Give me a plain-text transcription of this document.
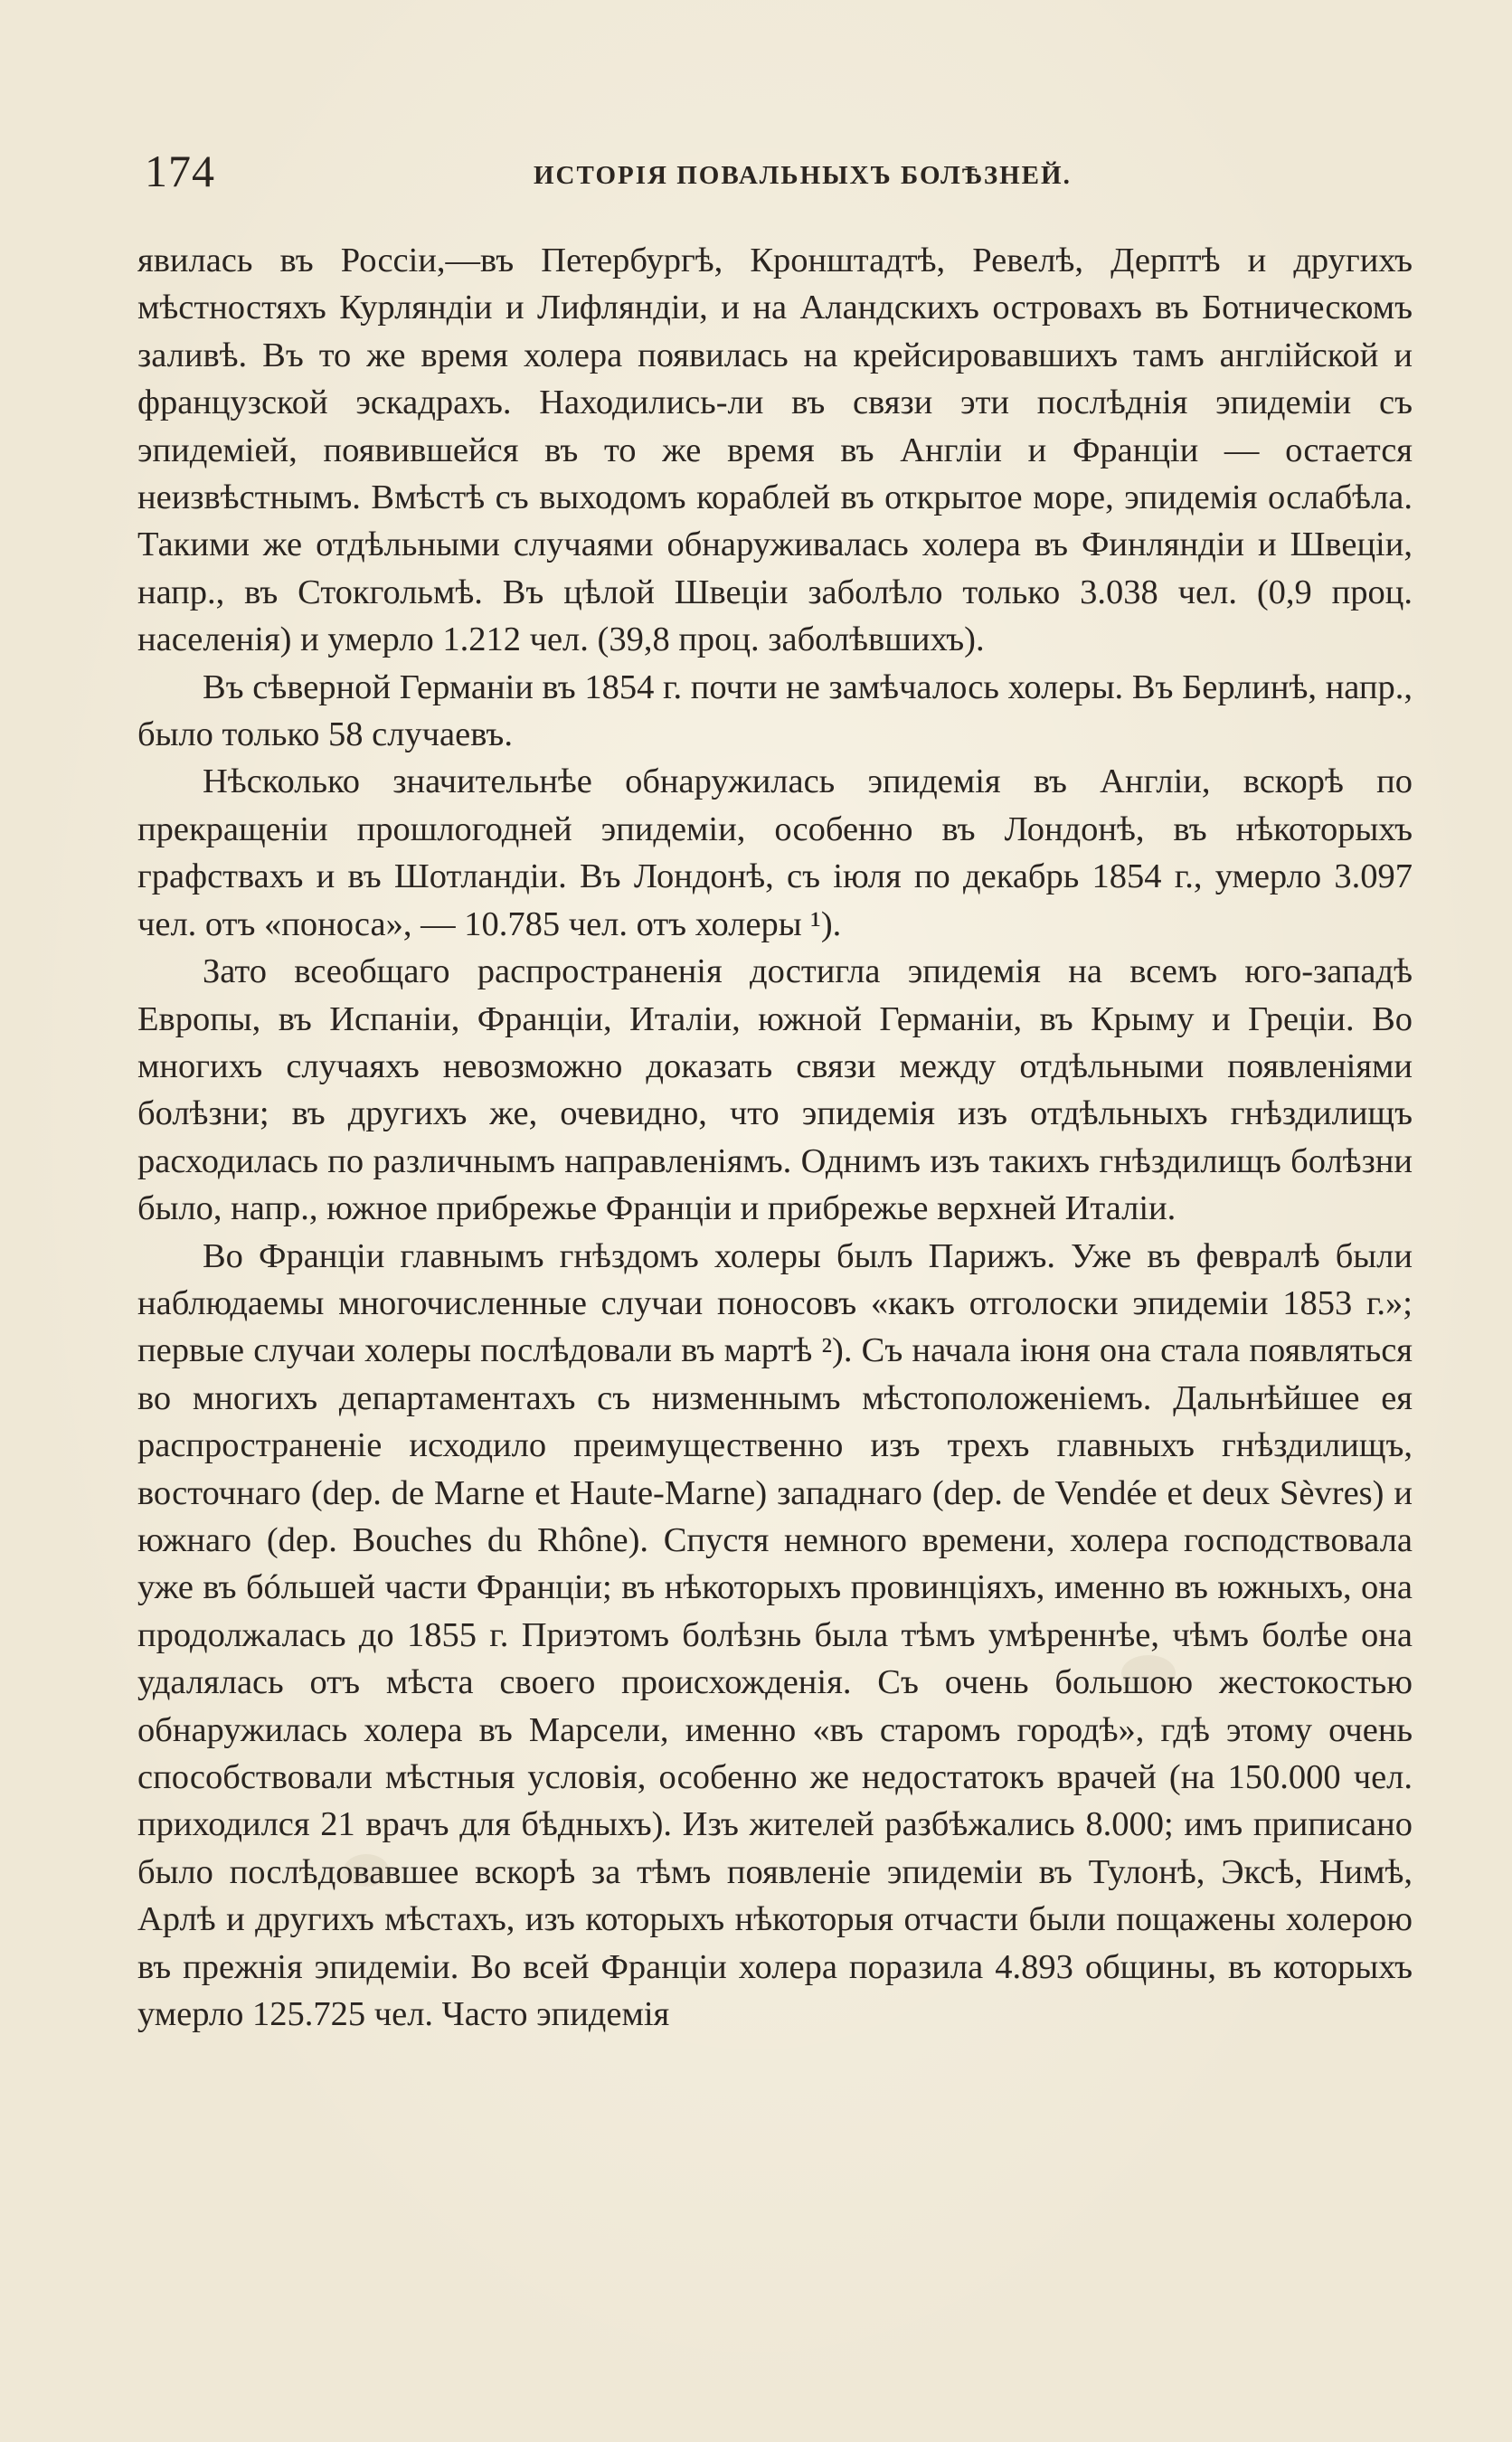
174	ИСТОРІЯ ПОВАЛЬНЫХЪ БОЛѢЗНЕЙ.

явилась въ Россіи,—въ Петербургѣ, Кронштадтѣ, Ревелѣ, Дерптѣ и другихъ мѣстностяхъ Курляндіи и Лифляндіи, и на Аландскихъ островахъ въ Ботническомъ заливѣ. Въ то же время холера появилась на крейсировавшихъ тамъ англійской и французской эскадрахъ. Находились-ли въ связи эти послѣднія эпидеміи съ эпидеміей, появившейся въ то же время въ Англіи и Франціи — остается неизвѣстнымъ. Вмѣстѣ съ выходомъ кораблей въ открытое море, эпидемія ослабѣла. Такими же отдѣльными случаями обнаруживалась холера въ Финляндіи и Швеціи, напр., въ Стокгольмѣ. Въ цѣлой Швеціи заболѣло только 3.038 чел. (0,9 проц. населенія) и умерло 1.212 чел. (39,8 проц. заболѣвшихъ).

Въ сѣверной Германіи въ 1854 г. почти не замѣчалось холеры. Въ Берлинѣ, напр., было только 58 случаевъ.

Нѣсколько значительнѣе обнаружилась эпидемія въ Англіи, вскорѣ по прекращеніи прошлогодней эпидеміи, особенно въ Лондонѣ, въ нѣкоторыхъ графствахъ и въ Шотландіи. Въ Лондонѣ, съ іюля по декабрь 1854 г., умерло 3.097 чел. отъ «поноса», — 10.785 чел. отъ холеры ¹).

Зато всеобщаго распространенія достигла эпидемія на всемъ юго-западѣ Европы, въ Испаніи, Франціи, Италіи, южной Германіи, въ Крыму и Греціи. Во многихъ случаяхъ невозможно доказать связи между отдѣльными появленіями болѣзни; въ другихъ же, очевидно, что эпидемія изъ отдѣльныхъ гнѣздилищъ расходилась по различнымъ направленіямъ. Однимъ изъ такихъ гнѣздилищъ болѣзни было, напр., южное прибрежье Франціи и прибрежье верхней Италіи.

Во Франціи главнымъ гнѣздомъ холеры былъ Парижъ. Уже въ февралѣ были наблюдаемы многочисленные случаи поносовъ «какъ отголоски эпидеміи 1853 г.»; первые случаи холеры послѣдовали въ мартѣ ²). Съ начала іюня она стала появляться во многихъ департаментахъ съ низменнымъ мѣстоположеніемъ. Дальнѣйшее ея распространеніе исходило преимущественно изъ трехъ главныхъ гнѣздилищъ, восточнаго (dep. de Marne et Haute-Marne) западнаго (dep. de Vendée et deux Sèvres) и южнаго (dep. Bouches du Rhône). Спустя немного времени, холера господствовала уже въ бóльшей части Франціи; въ нѣкоторыхъ провинціяхъ, именно въ южныхъ, она продолжалась до 1855 г. Приэтомъ болѣзнь была тѣмъ умѣреннѣе, чѣмъ болѣе она удалялась отъ мѣста своего происхожденія. Съ очень большою жестокостью обнаружилась холера въ Марсели, именно «въ старомъ городѣ», гдѣ этому очень способствовали мѣстныя условія, особенно же недостатокъ врачей (на 150.000 чел. приходился 21 врачъ для бѣдныхъ). Изъ жителей разбѣжались 8.000; имъ приписано было послѣдовавшее вскорѣ за тѣмъ появленіе эпидеміи въ Тулонѣ, Эксѣ, Нимѣ, Арлѣ и другихъ мѣстахъ, изъ которыхъ нѣкоторыя отчасти были пощажены холерою въ прежнія эпидеміи. Во всей Франціи холера поразила 4.893 общины, въ которыхъ умерло 125.725 чел. Часто эпидемія
